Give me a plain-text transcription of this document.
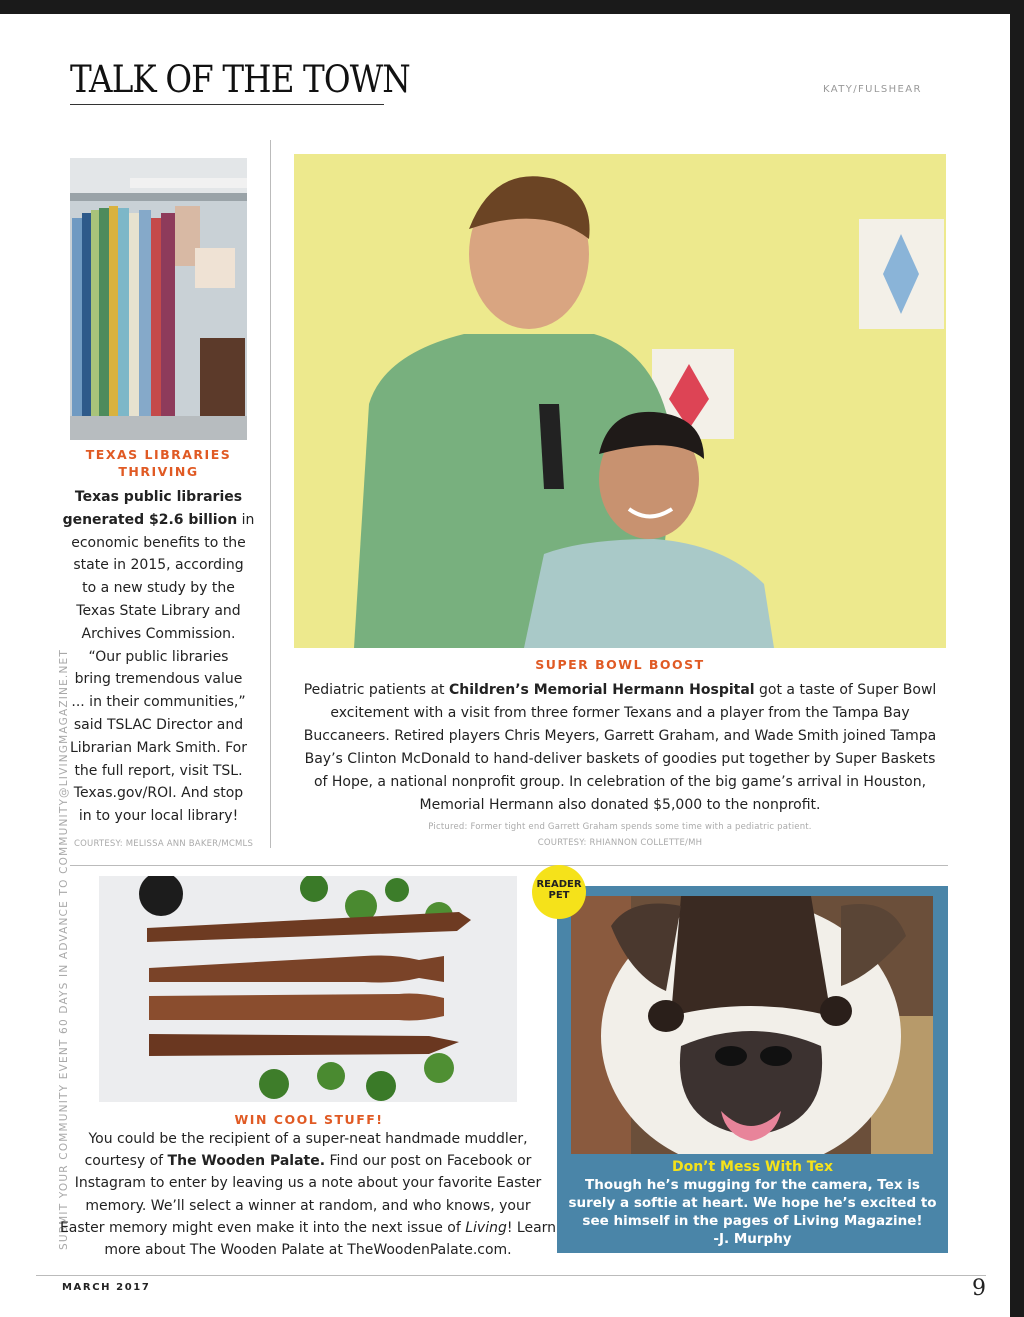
TALK OF THE TOWN	KATY/FULSHEAR
SUBMIT YOUR COMMUNITY EVENT 60 DAYS IN ADVANCE TO COMMUNITY@LIVINGMAGAZINE.NET
TEXAS LIBRARIES
THRIVING
Texas public libraries
generated $2.6 billion in
economic benefits to the
state in 2015, according
to a new study by the
Texas State Library and
Archives Commission.
“Our public libraries
bring tremendous value
... in their communities,”
said TSLAC Director and
Librarian Mark Smith. For
the full report, visit TSL.
Texas.gov/ROI. And stop
in to your local library!
COURTESY: MELISSA ANN BAKER/MCMLS
SUPER BOWL BOOST
Pediatric patients at Children’s Memorial Hermann Hospital got a taste of Super Bowl
excitement with a visit from three former Texans and a player from the Tampa Bay
Buccaneers. Retired players Chris Meyers, Garrett Graham, and Wade Smith joined Tampa
Bay’s Clinton McDonald to hand-deliver baskets of goodies put together by Super Baskets
of Hope, a national nonprofit group. In celebration of the big game’s arrival in Houston,
Memorial Hermann also donated $5,000 to the nonprofit.
Pictured: Former tight end Garrett Graham spends some time with a pediatric patient.
COURTESY: RHIANNON COLLETTE/MH
WIN COOL STUFF!
You could be the recipient of a super-neat handmade muddler,
courtesy of The Wooden Palate. Find our post on Facebook or
Instagram to enter by leaving us a note about your favorite Easter
memory. We’ll select a winner at random, and who knows, your
Easter memory might even make it into the next issue of Living! Learn
more about The Wooden Palate at TheWoodenPalate.com.
READER
PET
Don’t Mess With Tex
Though he’s mugging for the camera, Tex is
surely a softie at heart. We hope he’s excited to
see himself in the pages of Living Magazine!
-J. Murphy
MARCH 2017	9
